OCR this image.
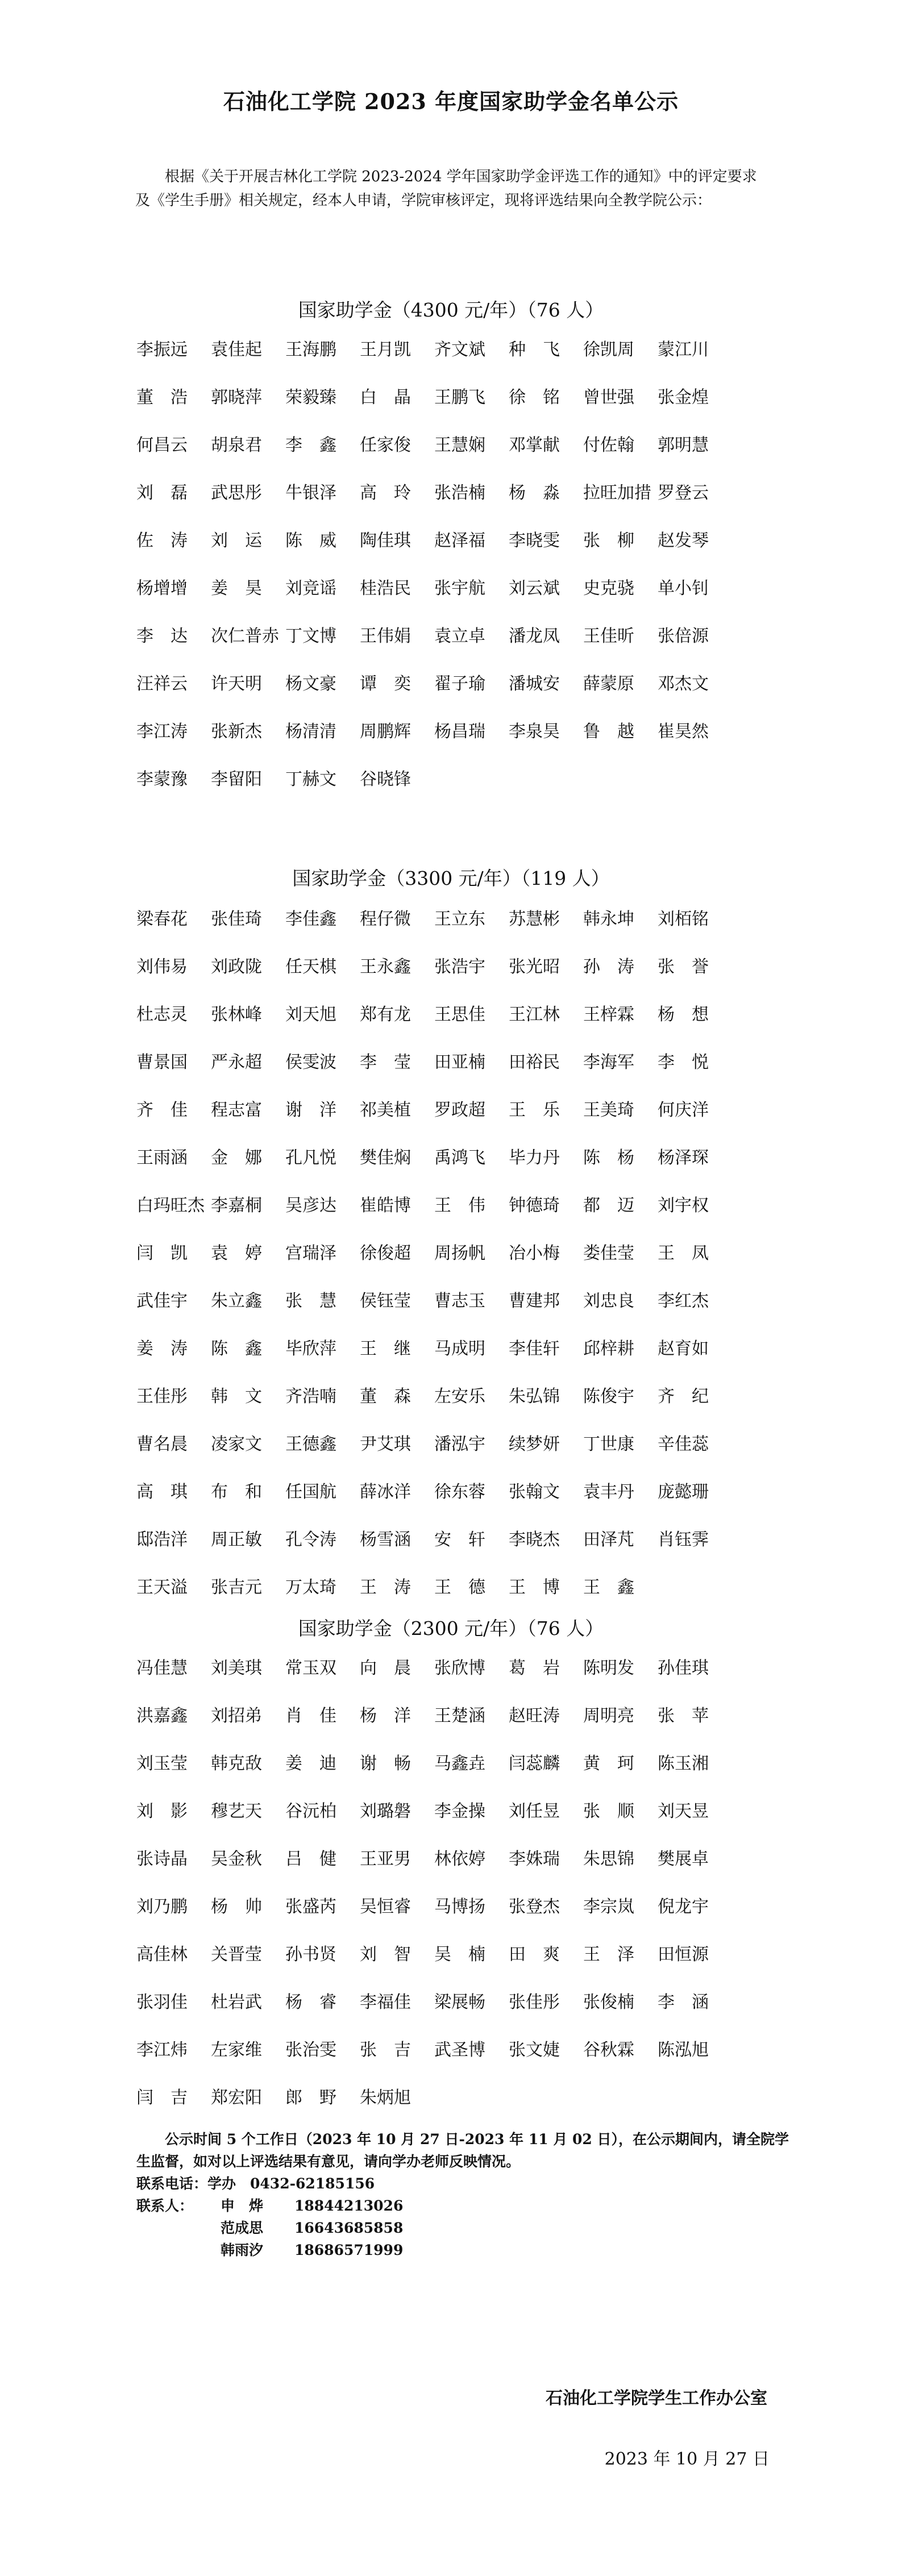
石油化工学院 2023 年度国家助学金名单公示

根据《关于开展吉林化工学院 2023-2024 学年国家助学金评选工作的通知》中的评定要求及《学生手册》相关规定，经本人申请，学院审核评定，现将评选结果向全教学院公示：

国家助学金（4300 元/年）（76 人）
李振远	袁佳起	王海鹏	王月凯	齐文斌	种　飞	徐凯周	蒙江川
董　浩	郭晓萍	荣毅臻	白　晶	王鹏飞	徐　铭	曾世强	张金煌
何昌云	胡泉君	李　鑫	任家俊	王慧娴	邓掌献	付佐翰	郭明慧
刘　磊	武思彤	牛银泽	高　玲	张浩楠	杨　淼	拉旺加措 罗登云
佐　涛	刘　运	陈　威	陶佳琪	赵泽福	李晓雯	张　柳	赵发琴
杨增增	姜　昊	刘竞谣	桂浩民	张宇航	刘云斌	史克骁	单小钊
李　达	次仁普赤 丁文博	王伟娟	袁立卓	潘龙凤	王佳昕	张倍源
汪祥云	许天明	杨文豪	谭　奕	翟子瑜	潘城安	薛蒙原	邓杰文
李江涛	张新杰	杨清清	周鹏辉	杨昌瑞	李泉昊	鲁　越	崔昊然
李蒙豫	李留阳	丁赫文	谷晓锋
国家助学金（3300 元/年）（119 人）
梁春花	张佳琦	李佳鑫	程仔微	王立东	苏慧彬	韩永坤	刘栢铭
刘伟易	刘政陇	任天棋	王永鑫	张浩宇	张光昭	孙　涛	张　誉
杜志灵	张林峰	刘天旭	郑有龙	王思佳	王江林	王梓霖	杨　想
曹景国	严永超	侯雯波	李　莹	田亚楠	田裕民	李海军	李　悦
齐　佳	程志富	谢　洋	祁美植	罗政超	王　乐	王美琦	何庆洋
王雨涵	金　娜	孔凡悦	樊佳焖	禹鸿飞	毕力丹	陈　杨	杨泽琛
白玛旺杰 李嘉桐	吴彦达	崔皓博	王　伟	钟德琦	都　迈	刘宇权
闫　凯	袁　婷	宫瑞泽	徐俊超	周扬帆	冶小梅	娄佳莹	王　凤
武佳宇	朱立鑫	张　慧	侯钰莹	曹志玉	曹建邦	刘忠良	李红杰
姜　涛	陈　鑫	毕欣萍	王　继	马成明	李佳轩	邱梓耕	赵育如
王佳彤	韩　文	齐浩喃	董　森	左安乐	朱弘锦	陈俊宇	齐　纪
曹名晨	凌家文	王德鑫	尹艾琪	潘泓宇	续梦妍	丁世康	辛佳蕊
高　琪	布　和	任国航	薛冰洋	徐东蓉	张翰文	袁丰丹	庞懿珊
邸浩洋	周正敏	孔令涛	杨雪涵	安　轩	李晓杰	田泽芃	肖钰霁
王天溢	张吉元	万太琦	王　涛	王　德	王　博	王　鑫
国家助学金（2300 元/年）（76 人）
冯佳慧	刘美琪	常玉双	向　晨	张欣博	葛　岩	陈明发	孙佳琪
洪嘉鑫	刘招弟	肖　佳	杨　洋	王楚涵	赵旺涛	周明亮	张　苹
刘玉莹	韩克敌	姜　迪	谢　畅	马鑫垚	闫蕊麟	黄　珂	陈玉湘
刘　影	穆艺天	谷沅柏	刘璐磐	李金操	刘任昱	张　顺	刘天昱
张诗晶	吴金秋	吕　健	王亚男	林依婷	李姝瑞	朱思锦	樊展卓
刘乃鹏	杨　帅	张盛芮	吴恒睿	马博扬	张登杰	李宗岚	倪龙宇
高佳林	关晋莹	孙书贤	刘　智	吴　楠	田　爽	王　泽	田恒源
张羽佳	杜岩武	杨　睿	李福佳	梁展畅	张佳彤	张俊楠	李　涵
李江炜	左家维	张治雯	张　吉	武圣博	张文婕	谷秋霖	陈泓旭
闫　吉	郑宏阳	郎　野	朱炳旭

公示时间 5 个工作日（2023 年 10 月 27 日-2023 年 11 月 02 日），在公示期间内，请全院学生监督，如对以上评选结果有意见，请向学办老师反映情况。

联系电话： 学办　0432-62185156
联系人：	申　烨	18844213026
范成思	16643685858
韩雨汐	18686571999
石油化工学院学生工作办公室
2023 年 10 月 27 日
